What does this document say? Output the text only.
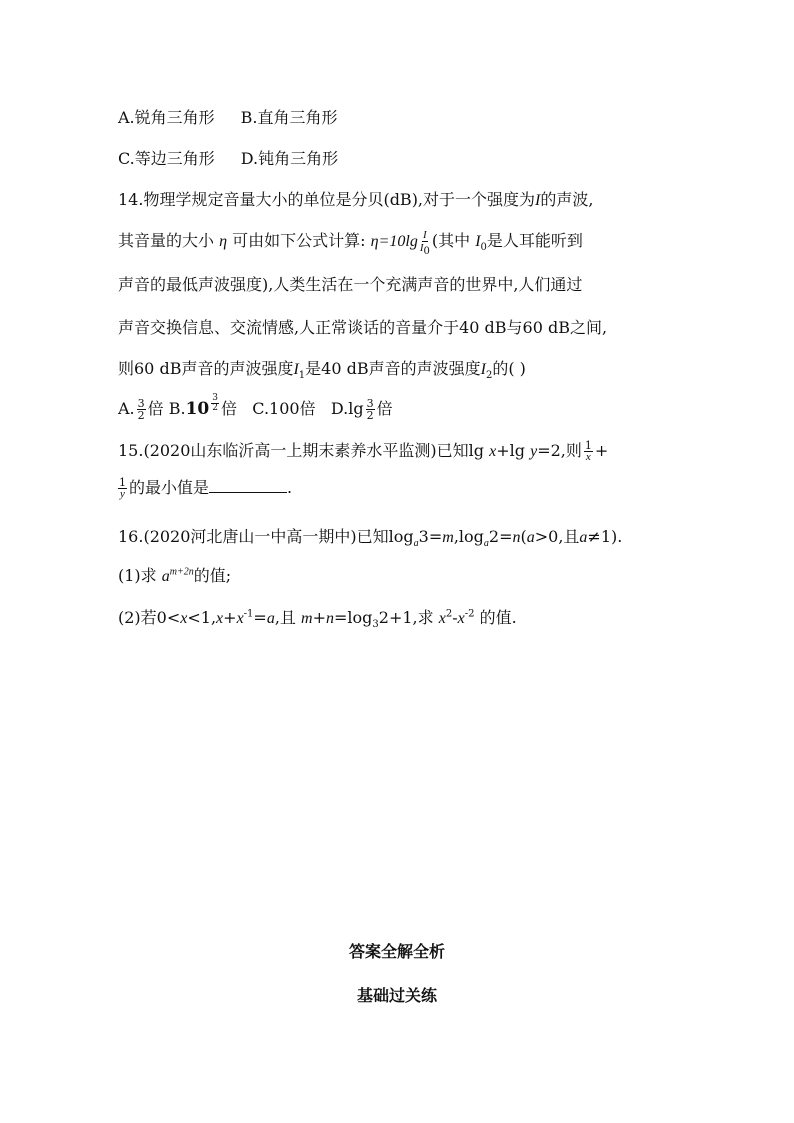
A.锐角三角形 B.直角三角形
C.等边三角形 D.钝角三角形
14.物理学规定音量大小的单位是分贝(dB),对于一个强度为I的声波,
其音量的大小 η 可由如下公式计算: $\eta=10\lg \frac{I}{I_0}$ (其中 $I_0$是人耳能听到
声音的最低声波强度),人类生活在一个充满声音的世界中,人们通过
声音交换信息、交流情感,人正常谈话的音量介于40 dB与60 dB之间,
则60 dB声音的声波强度$I_1$是40 dB声音的声波强度$I_2$的( )
A. $\frac{3}{2}$ 倍 $B.10 \frac{3}{2}$ 倍 C.100倍 $D.\lg \frac{3}{2}$ 倍
15.(2020山东临沂高一上期末素养水平监测)已知lg x+lg y=2,则 $\frac{1}{x}$ +
$\frac{1}{y}$ 的最小值是	.
16.(2020河北唐山一中高一期中)已知$\log_a3=m,\log_a2=n(a>0$,且a≠1).
(1)求 $a^{m+2n}$的值;
(2)若$0<x<1,x+x^{-1}=a$,且 $m+n=\log_32+1$,求 $x^2-x^{-2}$ 的值.
答案全解全析
基础过关练
